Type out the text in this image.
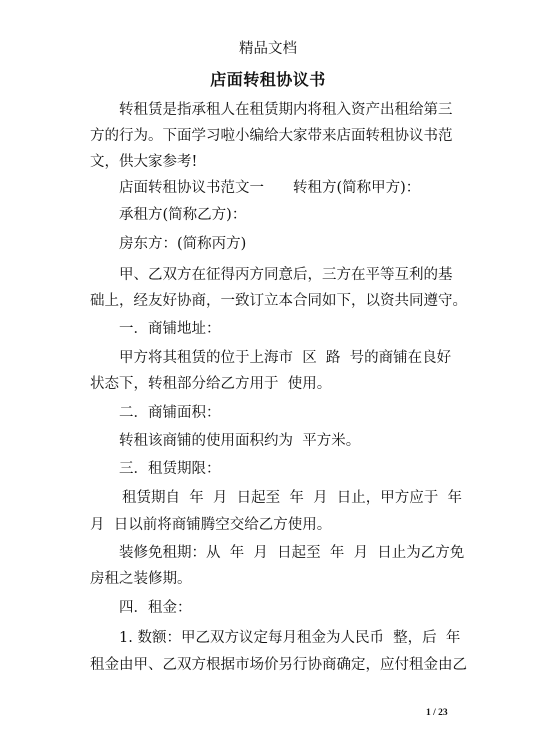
精品文档
店面转租协议书
转租赁是指承租人在租赁期内将租入资产出租给第三
方的行为。下面学习啦小编给大家带来店面转租协议书范
文，供大家参考!
店面转租协议书范文一　　转租方(简称甲方)：
承租方(简称乙方)：
房东方：(简称丙方)
甲、乙双方在征得丙方同意后，三方在平等互利的基
础上，经友好协商，一致订立本合同如下，以资共同遵守。
一．商铺地址：
甲方将其租赁的位于上海市  区  路  号的商铺在良好
状态下，转租部分给乙方用于  使用。
二．商铺面积：
转租该商铺的使用面积约为  平方米。
三．租赁期限：
租赁期自  年  月  日起至  年  月  日止，甲方应于  年
月  日以前将商铺腾空交给乙方使用。
装修免租期：从  年  月  日起至  年  月  日止为乙方免
房租之装修期。
四．租金：
1. 数额：甲乙双方议定每月租金为人民币  整，后  年
租金由甲、乙双方根据市场价另行协商确定，应付租金由乙
1 / 23
